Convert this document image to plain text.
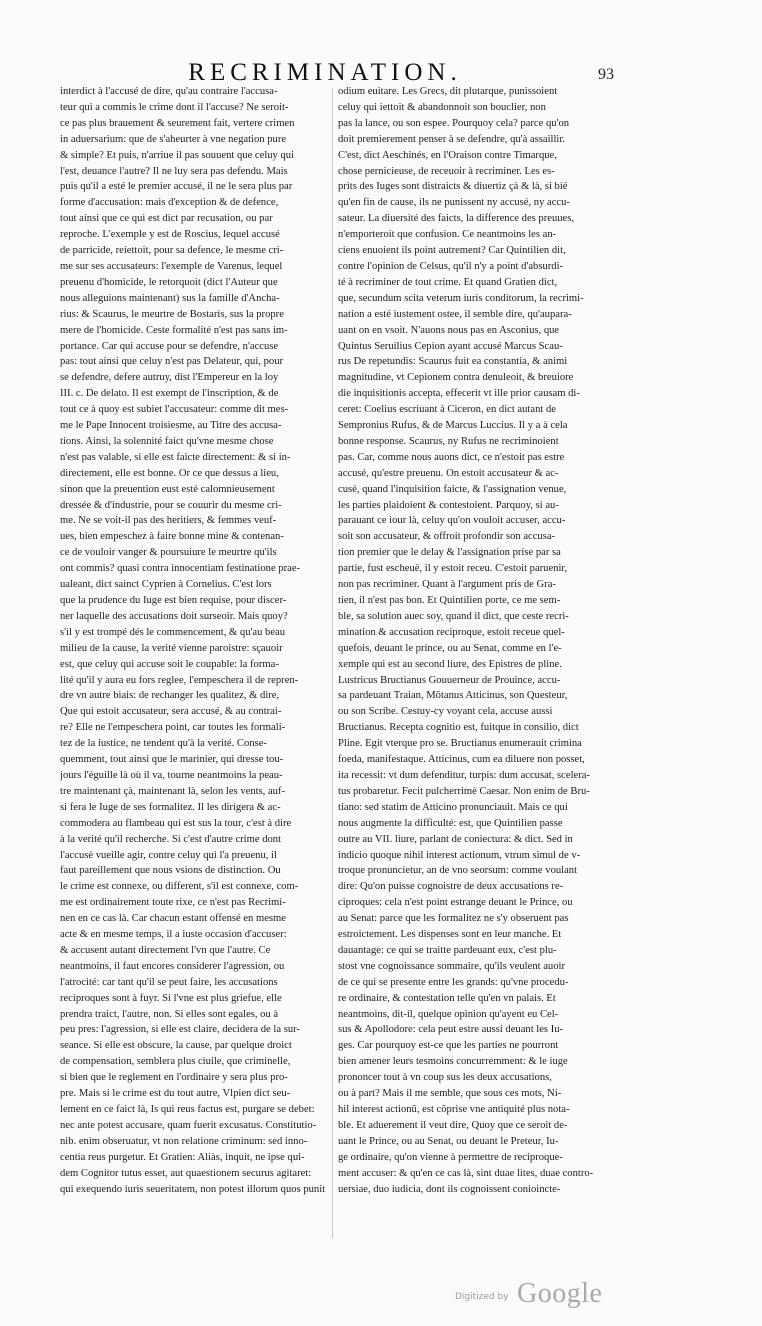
RECRIMINATION.	93
interdict à l'accusé de dire, qu'au contraire l'accusa-
teur qui a commis le crime dont il l'accuse? Ne seroit-
ce pas plus brauement & seurement fait, vertere crimen
in aduersarium: que de s'aheurter à vne negation pure
& simple? Et puis, n'arriue il pas souuent que celuy qui
l'est, deuance l'autre? Il ne luy sera pas defendu. Mais
puis qu'il a esté le premier accusé, il ne le sera plus par
forme d'accusation: mais d'exception & de defence,
tout ainsi que ce qui est dict par recusation, ou par
reproche. L'exemple y est de Roscius, lequel accusé
de parricide, reiettoit, pour sa defence, le mesme cri-
me sur ses accusateurs: l'exemple de Varenus, lequel
preuenu d'homicide, le retorquoit (dict l'Auteur que
nous alleguions maintenant) sus la famille d'Ancha-
rius: & Scaurus, le meurtre de Bostaris, sus la propre
mere de l'homicide. Ceste formalité n'est pas sans im-
portance. Car qui accuse pour se defendre, n'accuse
pas: tout ainsi que celuy n'est pas Delateur, qui, pour
se defendre, defere autruy, dist l'Empereur en la loy
III. c. De delato. Il est exempt de l'inscription, & de
tout ce à quoy est subiet l'accusateur: comme dit mes-
me le Pape Innocent troisiesme, au Titre des accusa-
tions. Ainsi, la solennité faict qu'vne mesme chose
n'est pas valable, si elle est faicte directement: & si in-
directement, elle est bonne. Or ce que dessus a lieu,
sinon que la preuention eust esté calomnieusement
dressée & d'industrie, pour se couurir du mesme cri-
me. Ne se voit-il pas des heritiers, & femmes veuf-
ues, bien empeschez à faire bonne mine & contenan-
ce de vouloir vanger & poursuiure le meurtre qu'ils
ont commis? quasi contra innocentiam festinatione prae-
ualeant, dict sainct Cyprien à Cornelius. C'est lors
que la prudence du Iuge est bien requise, pour discer-
ner laquelle des accusations doit surseoir. Mais quoy?
s'il y est trompé dés le commencement, & qu'au beau
milieu de la cause, la verité vienne paroistre: sçauoir
est, que celuy qui accuse soit le coupable: la forma-
lité qu'il y aura eu fors reglee, l'empeschera il de repren-
dre vn autre biais: de rechanger les qualitez, & dire,
Que qui estoit accusateur, sera accusé, & au contrai-
re? Elle ne l'empeschera point, car toutes les formali-
tez de la iustice, ne tendent qu'à la verité. Conse-
quemment, tout ainsi que le marinier, qui dresse tou-
jours l'éguille là où il va, tourne neantmoins la peau-
tre maintenant çà, maintenant là, selon les vents, auf-
si fera le Iuge de ses formalitez. Il les dirigera & ac-
commodera au flambeau qui est sus la tour, c'est à dire
à la verité qu'il recherche. Si c'est d'autre crime dont
l'accusé vueille agir, contre celuy qui l'a preuenu, il
faut pareillement que nous vsions de distinction. Ou
le crime est connexe, ou different, s'il est connexe, com-
me est ordinairement toute rixe, ce n'est pas Recrimi-
nen en ce cas là. Car chacun estant offensé en mesme
acte & en mesme temps, il a iuste occasion d'accuser:
& accusent autant directement l'vn que l'autre. Ce
neantmoins, il faut encores considerer l'agression, ou
l'atrocité: car tant qu'il se peut faire, les accusations
reciproques sont à fuyr. Si l'vne est plus griefue, elle
prendra traict, l'autre, non. Si elles sont egales, ou à
peu pres: l'agression, si elle est claire, decidera de la sur-
seance. Si elle est obscure, la cause, par quelque droict
de compensation, semblera plus ciuile, que criminelle,
si bien que le reglement en l'ordinaire y sera plus pro-
pre. Mais si le crime est du tout autre, Vlpien dict seu-
lement en ce faict là, Is qui reus factus est, purgare se debet:
nec ante potest accusare, quam fuerit excusatus. Constitutio-
nib. enim obseruatur, vt non relatione criminum: sed inno-
centia reus purgetur. Et Gratien: Aliàs, inquit, ne ipse qui-
dem Cognitor tutus esset, aut quaestionem securus agitaret:
qui exequendo iuris seueritatem, non potest illorum quos punit
odium euitare. Les Grecs, dit plutarque, punissoient
celuy qui iettoit & abandonnoit son bouclier, non
pas la lance, ou son espee. Pourquoy cela? parce qu'on
doit premierement penser à se defendre, qu'à assaillir.
C'est, dict Aeschinés, en l'Oraison contre Timarque,
chose pernicieuse, de receuoir à recriminer. Les es-
prits des Iuges sont distraicts & diuertiz çà & là, si bié
qu'en fin de cause, ils ne punissent ny accusé, ny accu-
sateur. La diuersité des faicts, la difference des preuues,
n'emporteroit que confusion. Ce neantmoins les an-
ciens enuoient ils point autrement? Car Quintilien dit,
contre l'opinion de Celsus, qu'il n'y a point d'absurdi-
té à recriminer de tout crime. Et quand Gratien dict,
que, secundum scita veterum iuris conditorum, la recrimi-
nation a esté iustement ostee, il semble dire, qu'aupara-
uant on en vsoit. N'auons nous pas en Asconius, que
Quintus Seruilius Cepion ayant accusé Marcus Scau-
rus De repetundis: Scaurus fuit ea constantia, & animi
magnitudine, vt Cepionem contra denuleoit, & breuiore
die inquisitionis accepta, effecerit vt ille prior causam di-
ceret: Coelius escriuant à Ciceron, en dict autant de
Sempronius Rufus, & de Marcus Luccius. Il y a à cela
bonne response. Scaurus, ny Rufus ne recriminoient
pas. Car, comme nous auons dict, ce n'estoit pas estre
accusé, qu'estre preuenu. On estoit accusateur & ac-
cusé, quand l'inquisition faicte, & l'assignation venue,
les parties plaidoient & contestoient. Parquoy, si au-
parauant ce iour là, celuy qu'on vouloit accuser, accu-
soit son accusateur, & offroit profondir son accusa-
tion premier que le delay & l'assignation prise par sa
partie, fust escheuë, il y estoit receu. C'estoit paruenir,
non pas recriminer. Quant à l'argument pris de Gra-
tien, il n'est pas bon. Et Quintilien porte, ce me sem-
ble, sa solution auec soy, quand il dict, que ceste recri-
mination & accusation reciproque, estoit receue quel-
quefois, deuant le prince, ou au Senat, comme en l'e-
xemple qui est au second liure, des Epistres de pline.
Lustricus Bructianus Gouuerneur de Prouince, accu-
sa pardeuant Traian, Mõtanus Atticinus, son Questeur,
ou son Scribe. Cestuy-cy voyant cela, accuse aussi
Bructianus. Recepta cognitio est, fuitque in consilio, dict
Pline. Egit vterque pro se. Bructianus enumerauit crimina
foeda, manifestaque. Atticinus, cum ea diluere non posset,
ita recessit: vt dum defenditur, turpis: dum accusat, scelera-
tus probaretur. Fecit pulcherrimè Caesar. Non enim de Bru-
tiano: sed statim de Atticino pronunciauit. Mais ce qui
nous augmente la difficulté: est, que Quintilien passe
outre au VII. liure, parlant de coniectura: & dict. Sed in
indicio quoque nihil interest actionum, vtrum simul de v-
troque pronuncietur, an de vno seorsum: comme voulant
dire: Qu'on puisse cognoistre de deux accusations re-
ciproques: cela n'est point estrange deuant le Prince, ou
au Senat: parce que les formalitez ne s'y obseruent pas
estroictement. Les dispenses sont en leur manche. Et
dauantage: ce qui se traitte pardeuant eux, c'est plu-
stost vne cognoissance sommaire, qu'ils veulent auoir
de ce qui se presente entre les grands: qu'vne procedu-
re ordinaire, & contestation telle qu'en vn palais. Et
neantmoins, dit-il, quelque opinion qu'ayent eu Cel-
sus & Apollodore: cela peut estre aussi deuant les Iu-
ges. Car pourquoy est-ce que les parties ne pourront
bien amener leurs tesmoins concurremment: & le iuge
prononcer tout à vn coup sus les deux accusations,
ou à part? Mais il me semble, que sous ces mots, Ni-
hil interest actionũ, est cõprise vne antiquité plus nota-
ble. Et aduerement il veut dire, Quoy que ce seroit de-
uant le Prince, ou au Senat, ou deuant le Preteur, Iu-
ge ordinaire, qu'on vienne à permettre de reciproque-
ment accuser: & qu'en ce cas là, sint duae lites, duae contro-
uersiae, duo iudicia, dont ils cognoissent conioincte-
Digitized by Google
